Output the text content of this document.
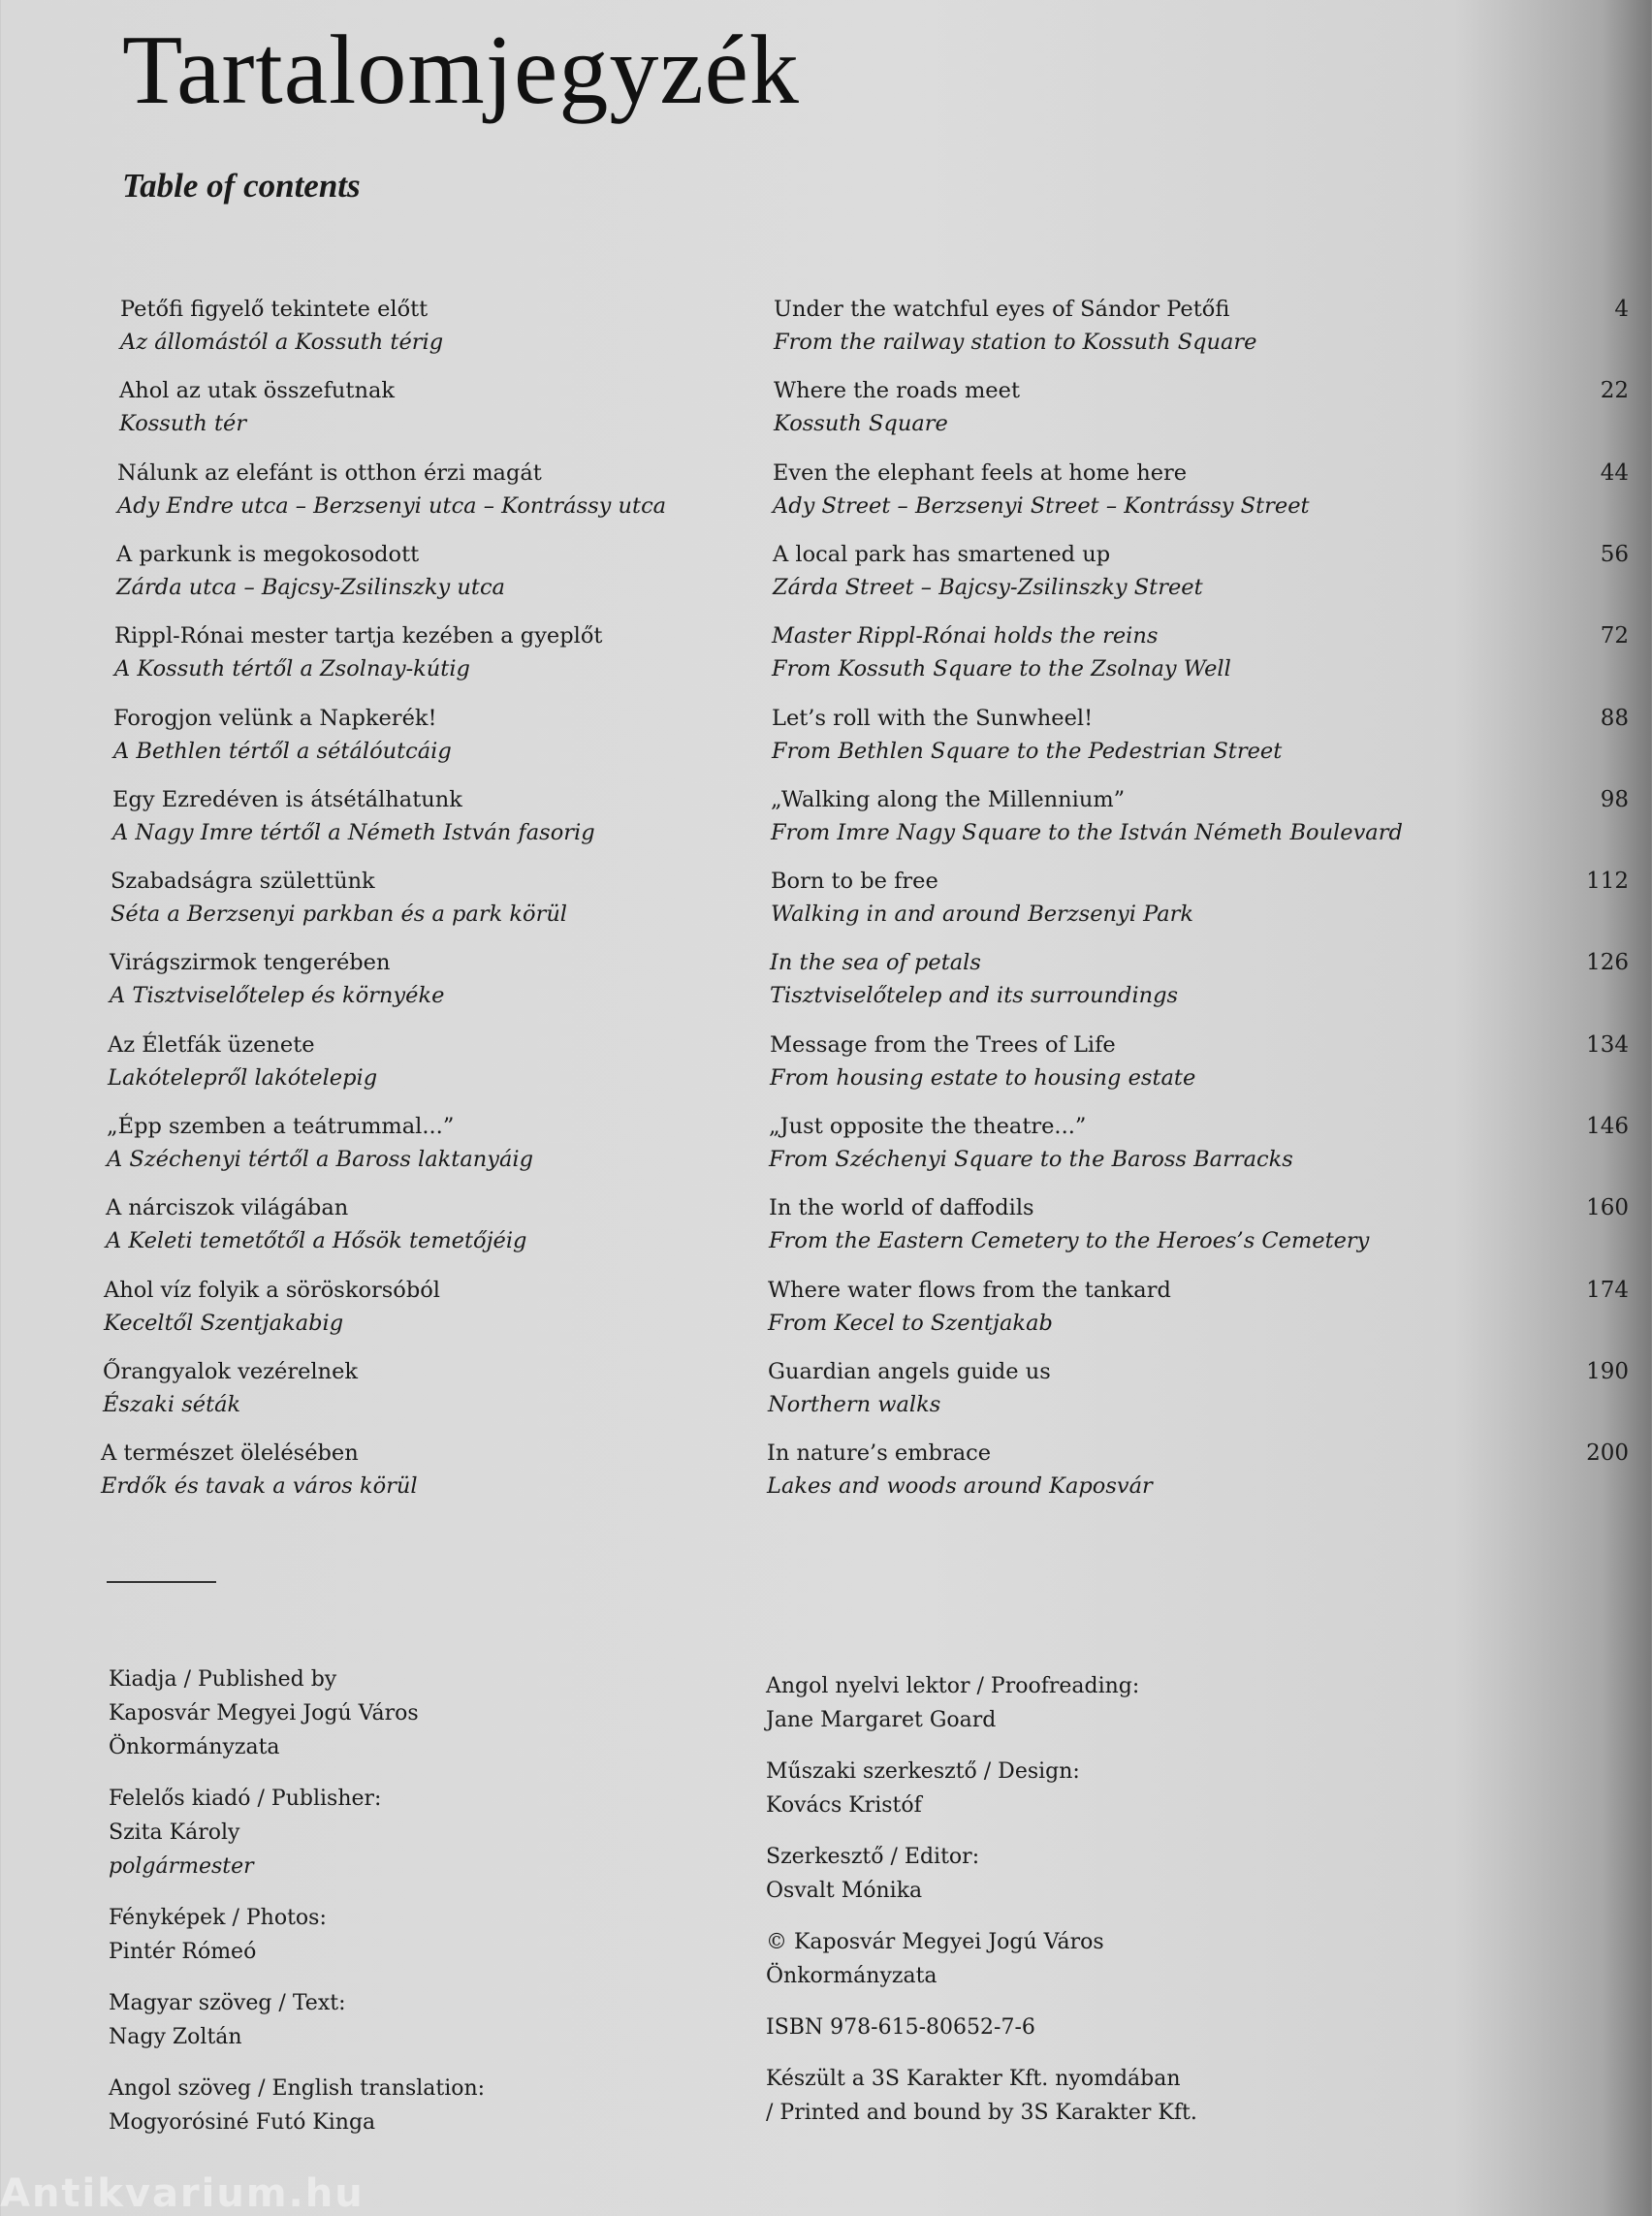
Tartalomjegyzék
Table of contents
Petőfi figyelő tekintete előtt
Az állomástól a Kossuth térig
Under the watchful eyes of Sándor Petőfi
From the railway station to Kossuth Square
4
Ahol az utak összefutnak
Kossuth tér
Where the roads meet
Kossuth Square
22
Nálunk az elefánt is otthon érzi magát
Ady Endre utca – Berzsenyi utca – Kontrássy utca
Even the elephant feels at home here
Ady Street – Berzsenyi Street – Kontrássy Street
44
A parkunk is megokosodott
Zárda utca – Bajcsy-Zsilinszky utca
A local park has smartened up
Zárda Street – Bajcsy-Zsilinszky Street
56
Rippl-Rónai mester tartja kezében a gyeplőt
A Kossuth tértől a Zsolnay-kútig
Master Rippl-Rónai holds the reins
From Kossuth Square to the Zsolnay Well
72
Forogjon velünk a Napkerék!
A Bethlen tértől a sétálóutcáig
Let’s roll with the Sunwheel!
From Bethlen Square to the Pedestrian Street
88
Egy Ezredéven is átsétálhatunk
A Nagy Imre tértől a Németh István fasorig
„Walking along the Millennium”
From Imre Nagy Square to the István Németh Boulevard
98
Szabadságra születtünk
Séta a Berzsenyi parkban és a park körül
Born to be free
Walking in and around Berzsenyi Park
112
Virágszirmok tengerében
A Tisztviselőtelep és környéke
In the sea of petals
Tisztviselőtelep and its surroundings
126
Az Életfák üzenete
Lakótelepről lakótelepig
Message from the Trees of Life
From housing estate to housing estate
134
„Épp szemben a teátrummal...”
A Széchenyi tértől a Baross laktanyáig
„Just opposite the theatre...”
From Széchenyi Square to the Baross Barracks
146
A nárciszok világában
A Keleti temetőtől a Hősök temetőjéig
In the world of daffodils
From the Eastern Cemetery to the Heroes’s Cemetery
160
Ahol víz folyik a söröskorsóból
Keceltől Szentjakabig
Where water flows from the tankard
From Kecel to Szentjakab
174
Őrangyalok vezérelnek
Északi séták
Guardian angels guide us
Northern walks
190
A természet ölelésében
Erdők és tavak a város körül
In nature’s embrace
Lakes and woods around Kaposvár
200
Kiadja / Published by
Kaposvár Megyei Jogú Város
Önkormányzata
Felelős kiadó / Publisher:
Szita Károly
polgármester
Fényképek / Photos:
Pintér Rómeó
Magyar szöveg / Text:
Nagy Zoltán
Angol szöveg / English translation:
Mogyorósiné Futó Kinga
Angol nyelvi lektor / Proofreading:
Jane Margaret Goard
Műszaki szerkesztő / Design:
Kovács Kristóf
Szerkesztő / Editor:
Osvalt Mónika
© Kaposvár Megyei Jogú Város
Önkormányzata
ISBN 978-615-80652-7-6
Készült a 3S Karakter Kft. nyomdában
/ Printed and bound by 3S Karakter Kft.
Antikvarium.hu
